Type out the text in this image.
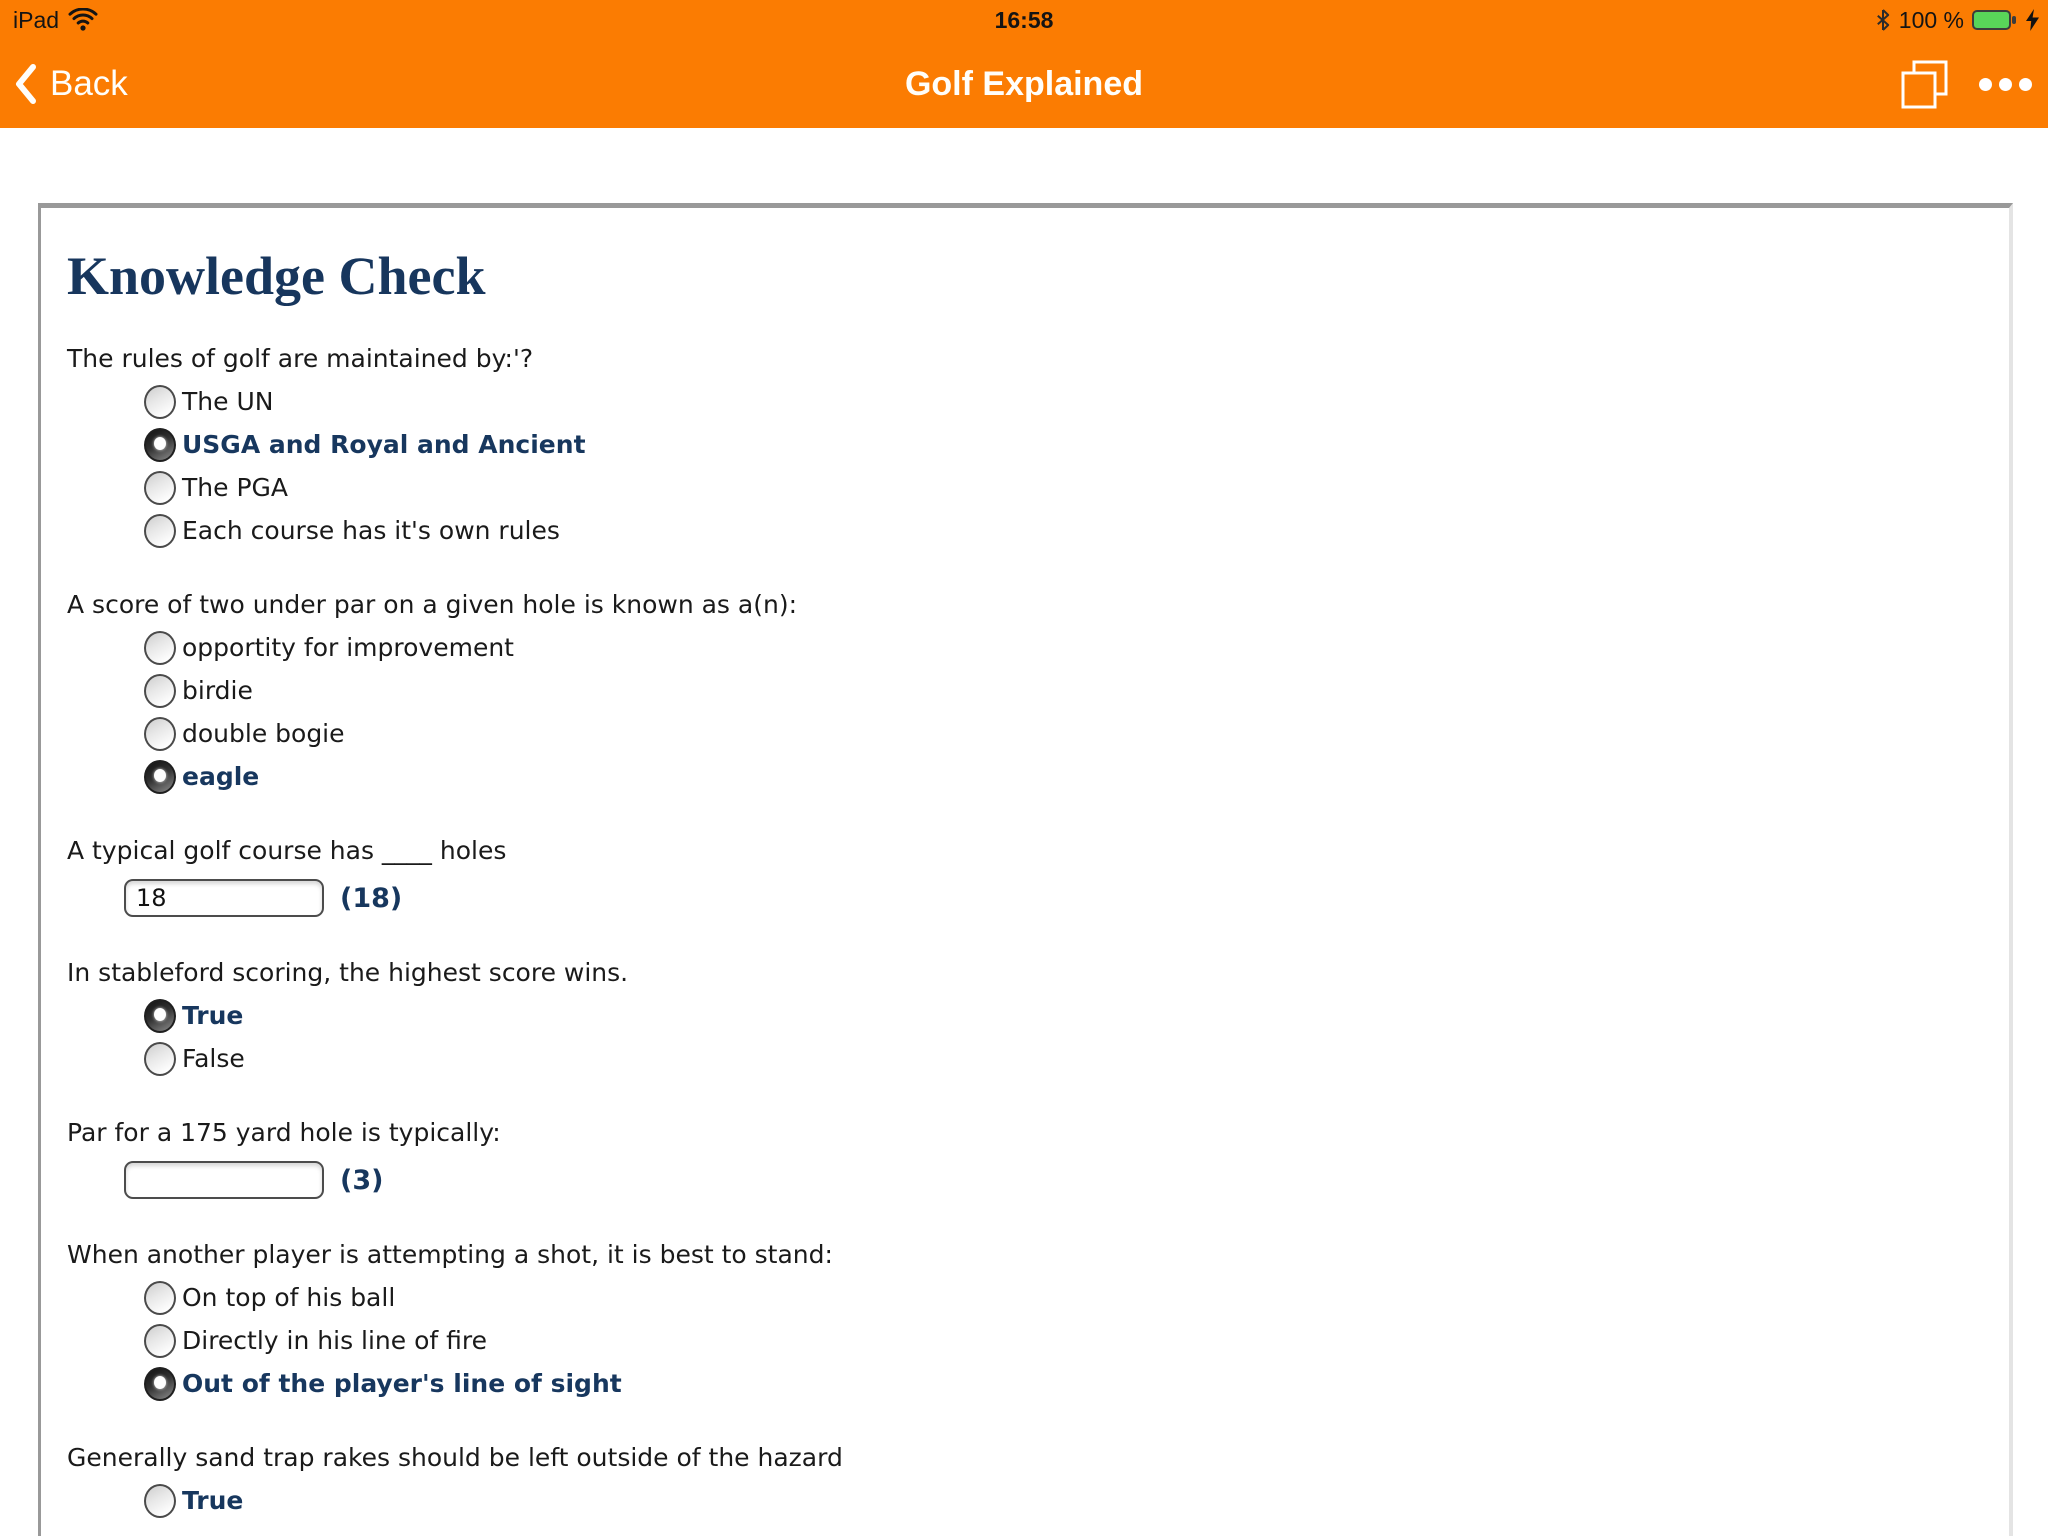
iPad	16:58	100 %
Back	Golf Explained
Knowledge Check
The rules of golf are maintained by:'?
The UN
USGA and Royal and Ancient
The PGA
Each course has it's own rules
A score of two under par on a given hole is known as a(n):
opportity for improvement
birdie
double bogie
eagle
A typical golf course has ____ holes
18
(18)
In stableford scoring, the highest score wins.
True
False
Par for a 175 yard hole is typically:
(3)
When another player is attempting a shot, it is best to stand:
On top of his ball
Directly in his line of fire
Out of the player's line of sight
Generally sand trap rakes should be left outside of the hazard
True
